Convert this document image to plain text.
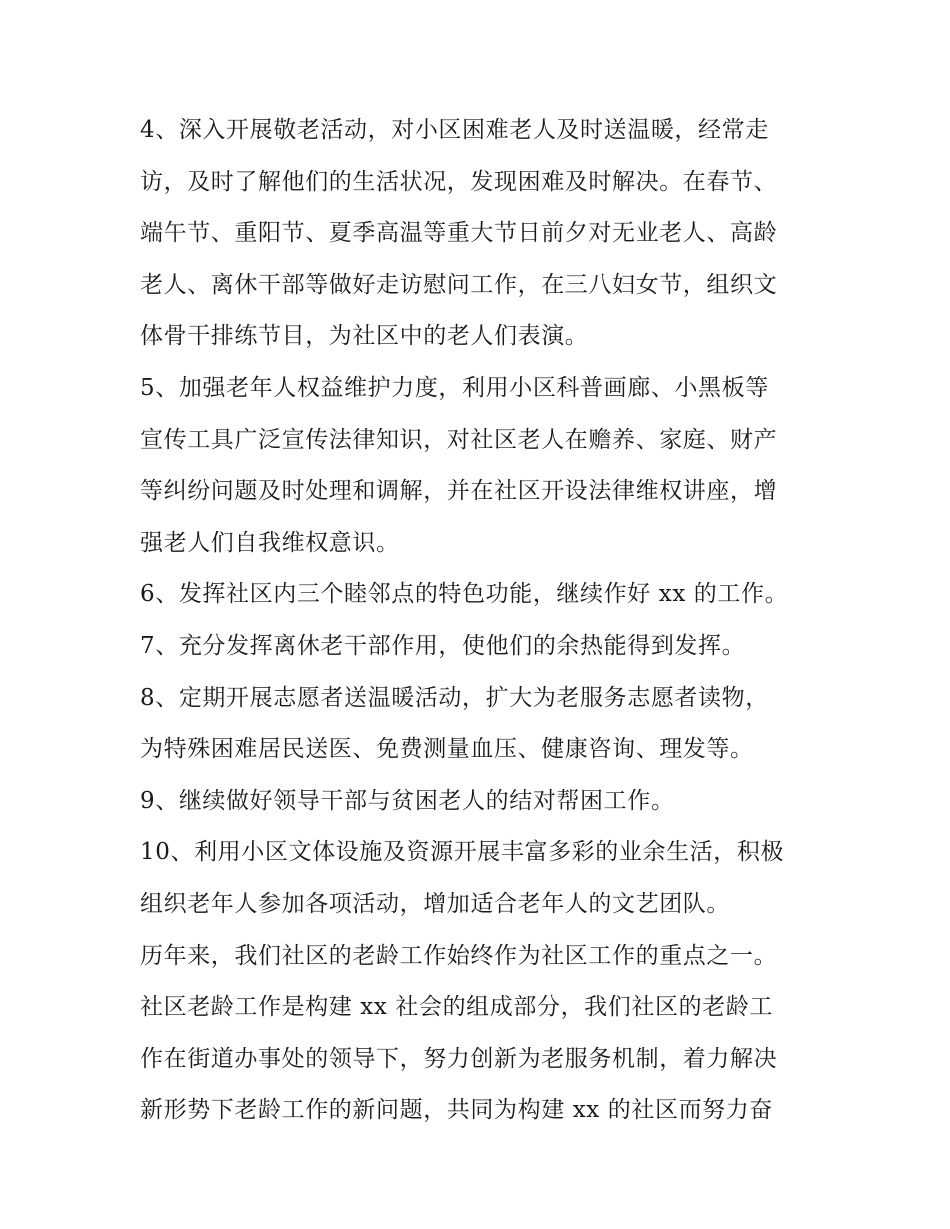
4、深入开展敬老活动，对小区困难老人及时送温暖，经常走
访，及时了解他们的生活状况，发现困难及时解决。在春节、
端午节、重阳节、夏季高温等重大节日前夕对无业老人、高龄
老人、离休干部等做好走访慰问工作，在三八妇女节，组织文
体骨干排练节目，为社区中的老人们表演。
5、加强老年人权益维护力度，利用小区科普画廊、小黑板等
宣传工具广泛宣传法律知识，对社区老人在赡养、家庭、财产
等纠纷问题及时处理和调解，并在社区开设法律维权讲座，增
强老人们自我维权意识。
6、发挥社区内三个睦邻点的特色功能，继续作好 xx 的工作。
7、充分发挥离休老干部作用，使他们的余热能得到发挥。
8、定期开展志愿者送温暖活动，扩大为老服务志愿者读物，
为特殊困难居民送医、免费测量血压、健康咨询、理发等。
9、继续做好领导干部与贫困老人的结对帮困工作。
10、利用小区文体设施及资源开展丰富多彩的业余生活，积极
组织老年人参加各项活动，增加适合老年人的文艺团队。
历年来，我们社区的老龄工作始终作为社区工作的重点之一。
社区老龄工作是构建 xx 社会的组成部分，我们社区的老龄工
作在街道办事处的领导下，努力创新为老服务机制，着力解决
新形势下老龄工作的新问题，共同为构建 xx 的社区而努力奋
